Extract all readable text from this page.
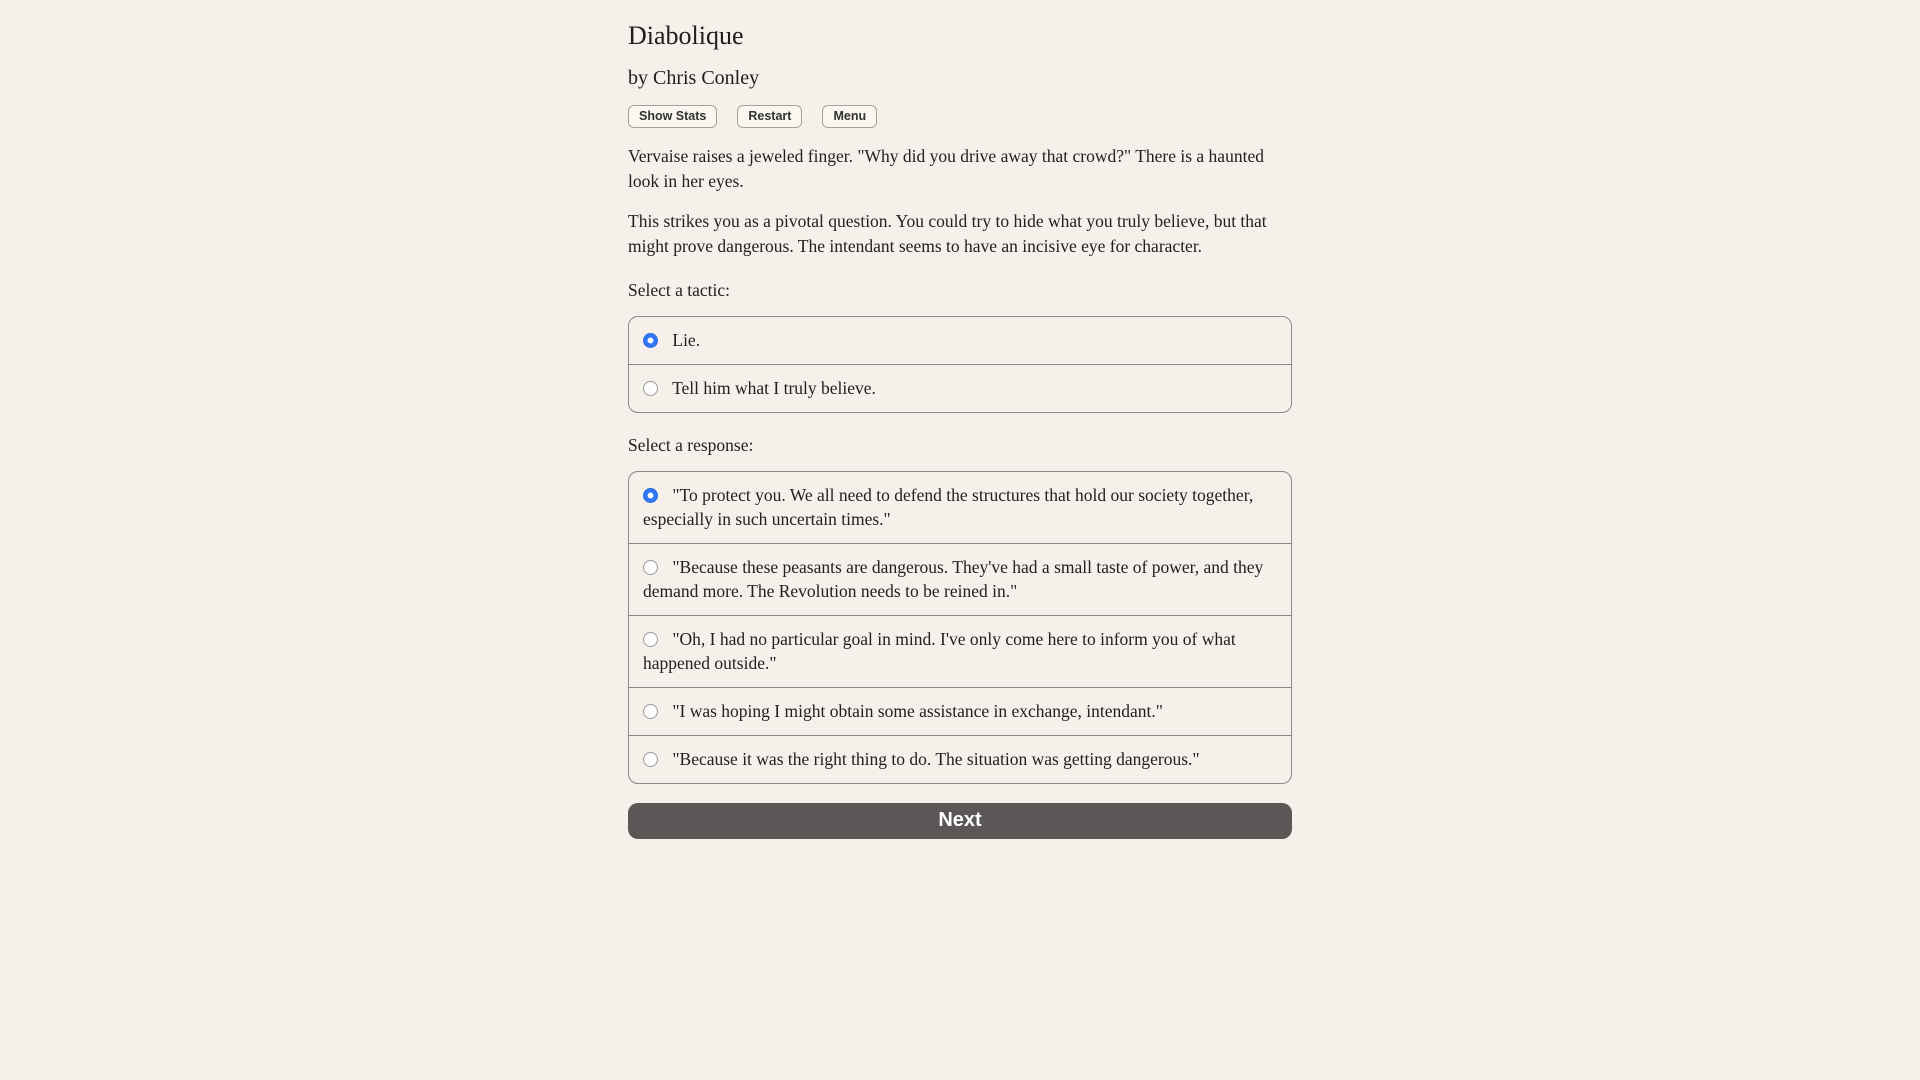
Diabolique
by Chris Conley
Show Stats	Restart	Menu

Vervaise raises a jeweled finger. "Why did you drive away that crowd?" There is a haunted look in her eyes.

This strikes you as a pivotal question. You could try to hide what you truly believe, but that might prove dangerous. The intendant seems to have an incisive eye for character.

Select a tactic:

Lie.
Tell him what I truly believe.

Select a response:

"To protect you. We all need to defend the structures that hold our society together, especially in such uncertain times."
"Because these peasants are dangerous. They've had a small taste of power, and they demand more. The Revolution needs to be reined in."
"Oh, I had no particular goal in mind. I've only come here to inform you of what happened outside."
"I was hoping I might obtain some assistance in exchange, intendant."
"Because it was the right thing to do. The situation was getting dangerous."
Next
